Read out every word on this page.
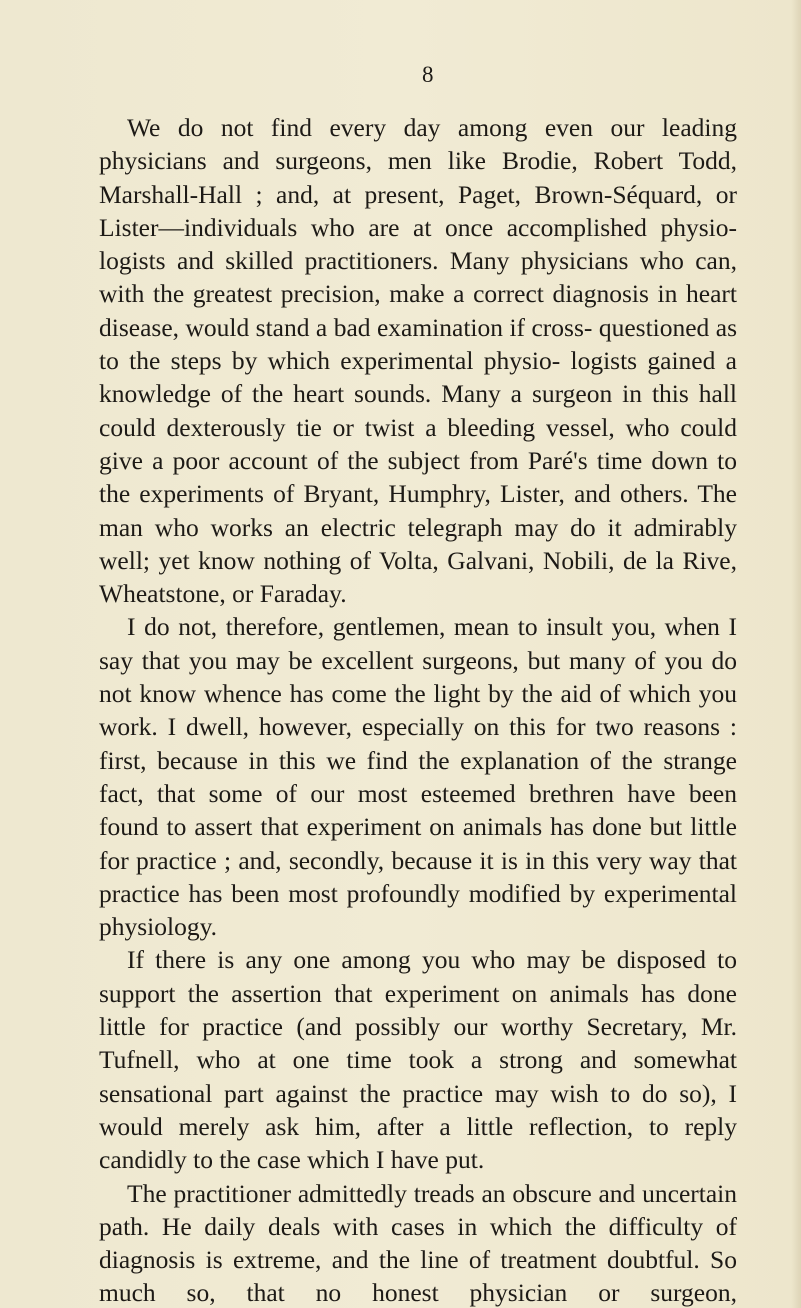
8

We do not find every day among even our leading physicians and surgeons, men like Brodie, Robert Todd, Marshall-Hall ; and, at present, Paget, Brown-Séquard, or Lister—individuals who are at once accomplished physio- logists and skilled practitioners. Many physicians who can, with the greatest precision, make a correct diagnosis in heart disease, would stand a bad examination if cross- questioned as to the steps by which experimental physio- logists gained a knowledge of the heart sounds. Many a surgeon in this hall could dexterously tie or twist a bleeding vessel, who could give a poor account of the subject from Paré's time down to the experiments of Bryant, Humphry, Lister, and others. The man who works an electric telegraph may do it admirably well; yet know nothing of Volta, Galvani, Nobili, de la Rive, Wheatstone, or Faraday.

I do not, therefore, gentlemen, mean to insult you, when I say that you may be excellent surgeons, but many of you do not know whence has come the light by the aid of which you work. I dwell, however, especially on this for two reasons : first, because in this we find the explanation of the strange fact, that some of our most esteemed brethren have been found to assert that experiment on animals has done but little for practice ; and, secondly, because it is in this very way that practice has been most profoundly modified by experimental physiology.

If there is any one among you who may be disposed to support the assertion that experiment on animals has done little for practice (and possibly our worthy Secretary, Mr. Tufnell, who at one time took a strong and somewhat sensational part against the practice may wish to do so), I would merely ask him, after a little reflection, to reply candidly to the case which I have put.

The practitioner admittedly treads an obscure and uncertain path. He daily deals with cases in which the difficulty of diagnosis is extreme, and the line of treatment doubtful. So much so, that no honest physician or surgeon,
